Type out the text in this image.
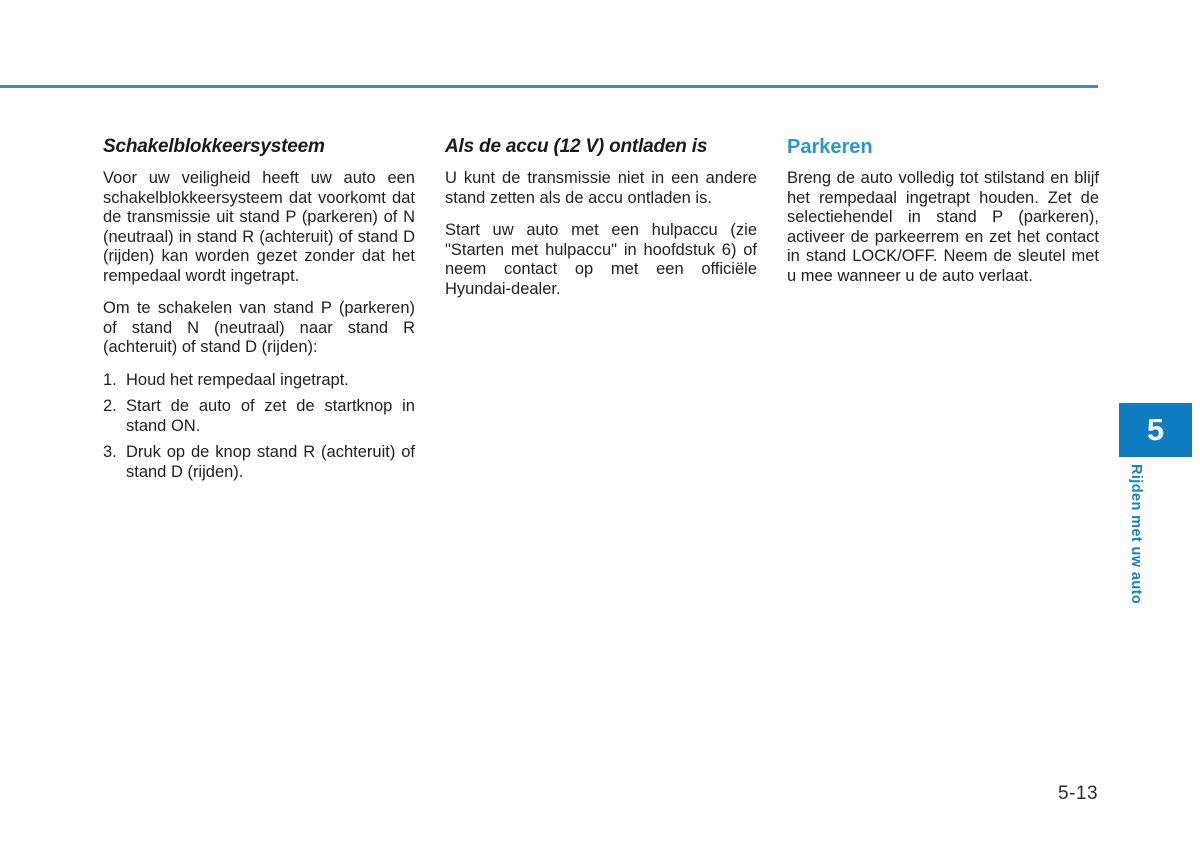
Schakelblokkeersysteem

Voor uw veiligheid heeft uw auto een schakelblokkeersysteem dat voorkomt dat de transmissie uit stand P (parkeren) of N (neutraal) in stand R (achteruit) of stand D (rijden) kan worden gezet zonder dat het rempedaal wordt ingetrapt.

Om te schakelen van stand P (parkeren) of stand N (neutraal) naar stand R (achteruit) of stand D (rijden):

1. Houd het rempedaal ingetrapt.
2. Start de auto of zet de startknop in stand ON.
3. Druk op de knop stand R (achteruit) of stand D (rijden).
Als de accu (12 V) ontladen is

U kunt de transmissie niet in een andere stand zetten als de accu ontladen is.

Start uw auto met een hulpaccu (zie "Starten met hulpaccu" in hoofdstuk 6) of neem contact op met een officiële Hyundai-dealer.

Parkeren

Breng de auto volledig tot stilstand en blijf het rempedaal ingetrapt houden. Zet de selectiehendel in stand P (parkeren), activeer de parkeerrem en zet het contact in stand LOCK/OFF. Neem de sleutel met u mee wanneer u de auto verlaat.

5
Rijden met uw auto
5-13
